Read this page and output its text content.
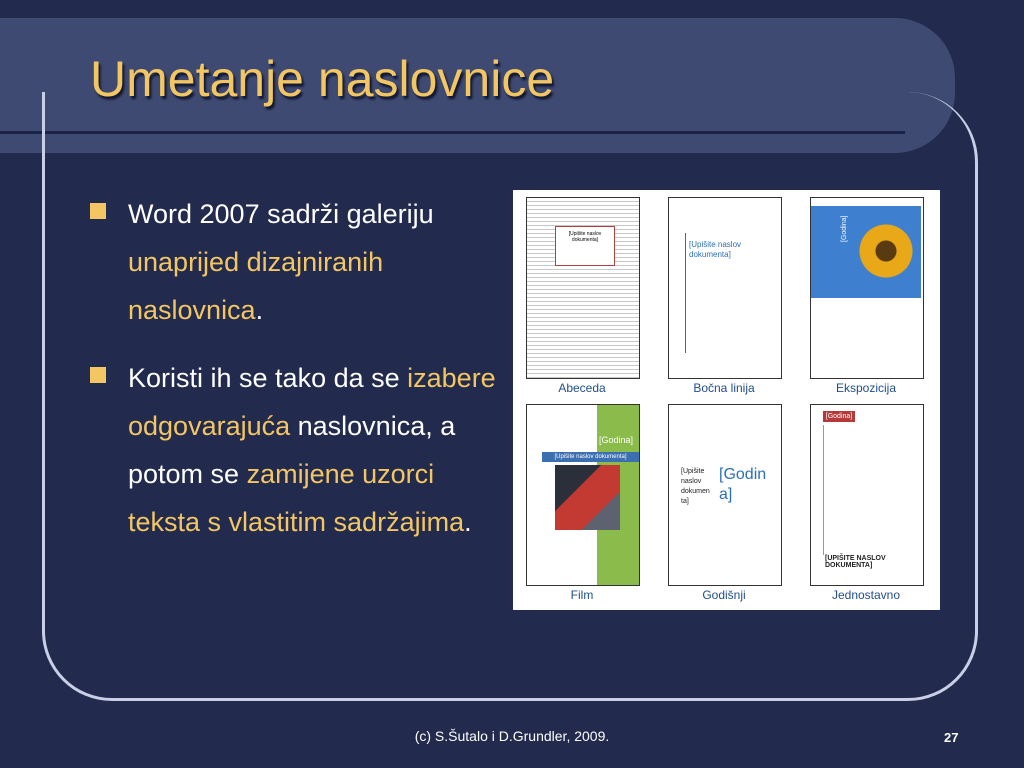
Umetanje naslovnice
Word 2007 sadrži galeriju unaprijed dizajniranih naslovnica.
Koristi ih se tako da se izabere odgovarajuća naslovnica, a potom se zamijene uzorci teksta s vlastitim sadržajima.
[Upišite naslov dokumenta]
Abeceda
[Upišite naslov dokumenta]
Bočna linija
[Godina]
Ekspozicija
[Godina]
[Upišite naslov dokumenta]
Film
[Upišite naslov dokumen ta]
[Godin a]
Godišnji
[Godina]
[UPIŠITE NASLOV DOKUMENTA]
Jednostavno
(c) S.Šutalo i D.Grundler, 2009.	27
